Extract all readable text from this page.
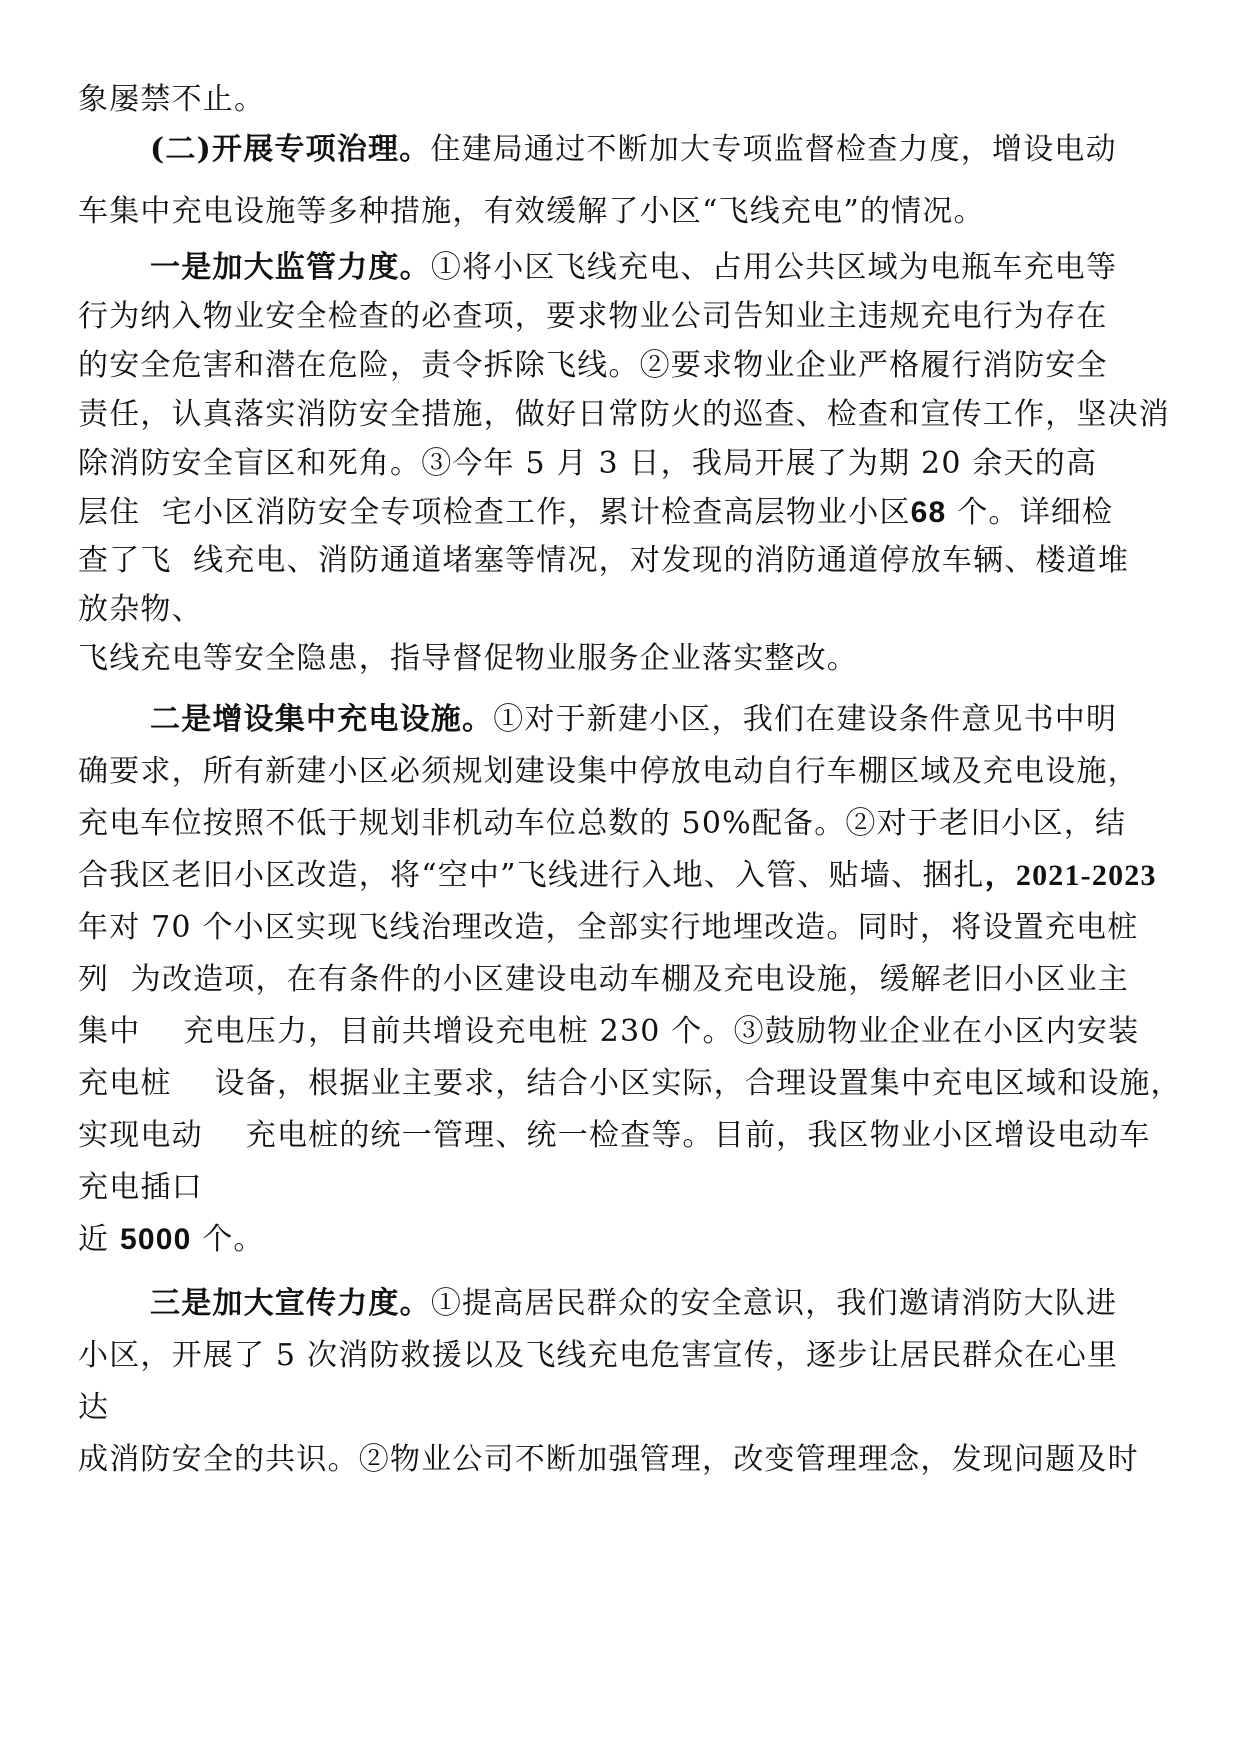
象屡禁不止。
(二)开展专项治理。住建局通过不断加大专项监督检查力度，增设电动
车集中充电设施等多种措施，有效缓解了小区“飞线充电”的情况。
一是加大监管力度。①将小区飞线充电、占用公共区域为电瓶车充电等
行为纳入物业安全检查的必查项，要求物业公司告知业主违规充电行为存在
的安全危害和潜在危险，责令拆除飞线。②要求物业企业严格履行消防安全
责任，认真落实消防安全措施，做好日常防火的巡查、检查和宣传工作，坚决消
除消防安全盲区和死角。③今年 5 月 3 日，我局开展了为期 20 余天的高
层住  宅小区消防安全专项检查工作，累计检查高层物业小区68 个。详细检
查了飞  线充电、消防通道堵塞等情况，对发现的消防通道停放车辆、楼道堆
放杂物、
飞线充电等安全隐患，指导督促物业服务企业落实整改。
二是增设集中充电设施。①对于新建小区，我们在建设条件意见书中明
确要求，所有新建小区必须规划建设集中停放电动自行车棚区域及充电设施，
充电车位按照不低于规划非机动车位总数的 50%配备。②对于老旧小区，结
合我区老旧小区改造，将“空中”飞线进行入地、入管、贴墙、捆扎，2021-2023
年对 70 个小区实现飞线治理改造，全部实行地埋改造。同时，将设置充电桩
列  为改造项，在有条件的小区建设电动车棚及充电设施，缓解老旧小区业主
集中    充电压力，目前共增设充电桩 230 个。③鼓励物业企业在小区内安装
充电桩    设备，根据业主要求，结合小区实际，合理设置集中充电区域和设施，
实现电动    充电桩的统一管理、统一检查等。目前，我区物业小区增设电动车
充电插口
近 5000 个。
三是加大宣传力度。①提高居民群众的安全意识，我们邀请消防大队进
小区，开展了 5 次消防救援以及飞线充电危害宣传，逐步让居民群众在心里
达
成消防安全的共识。②物业公司不断加强管理，改变管理理念，发现问题及时
